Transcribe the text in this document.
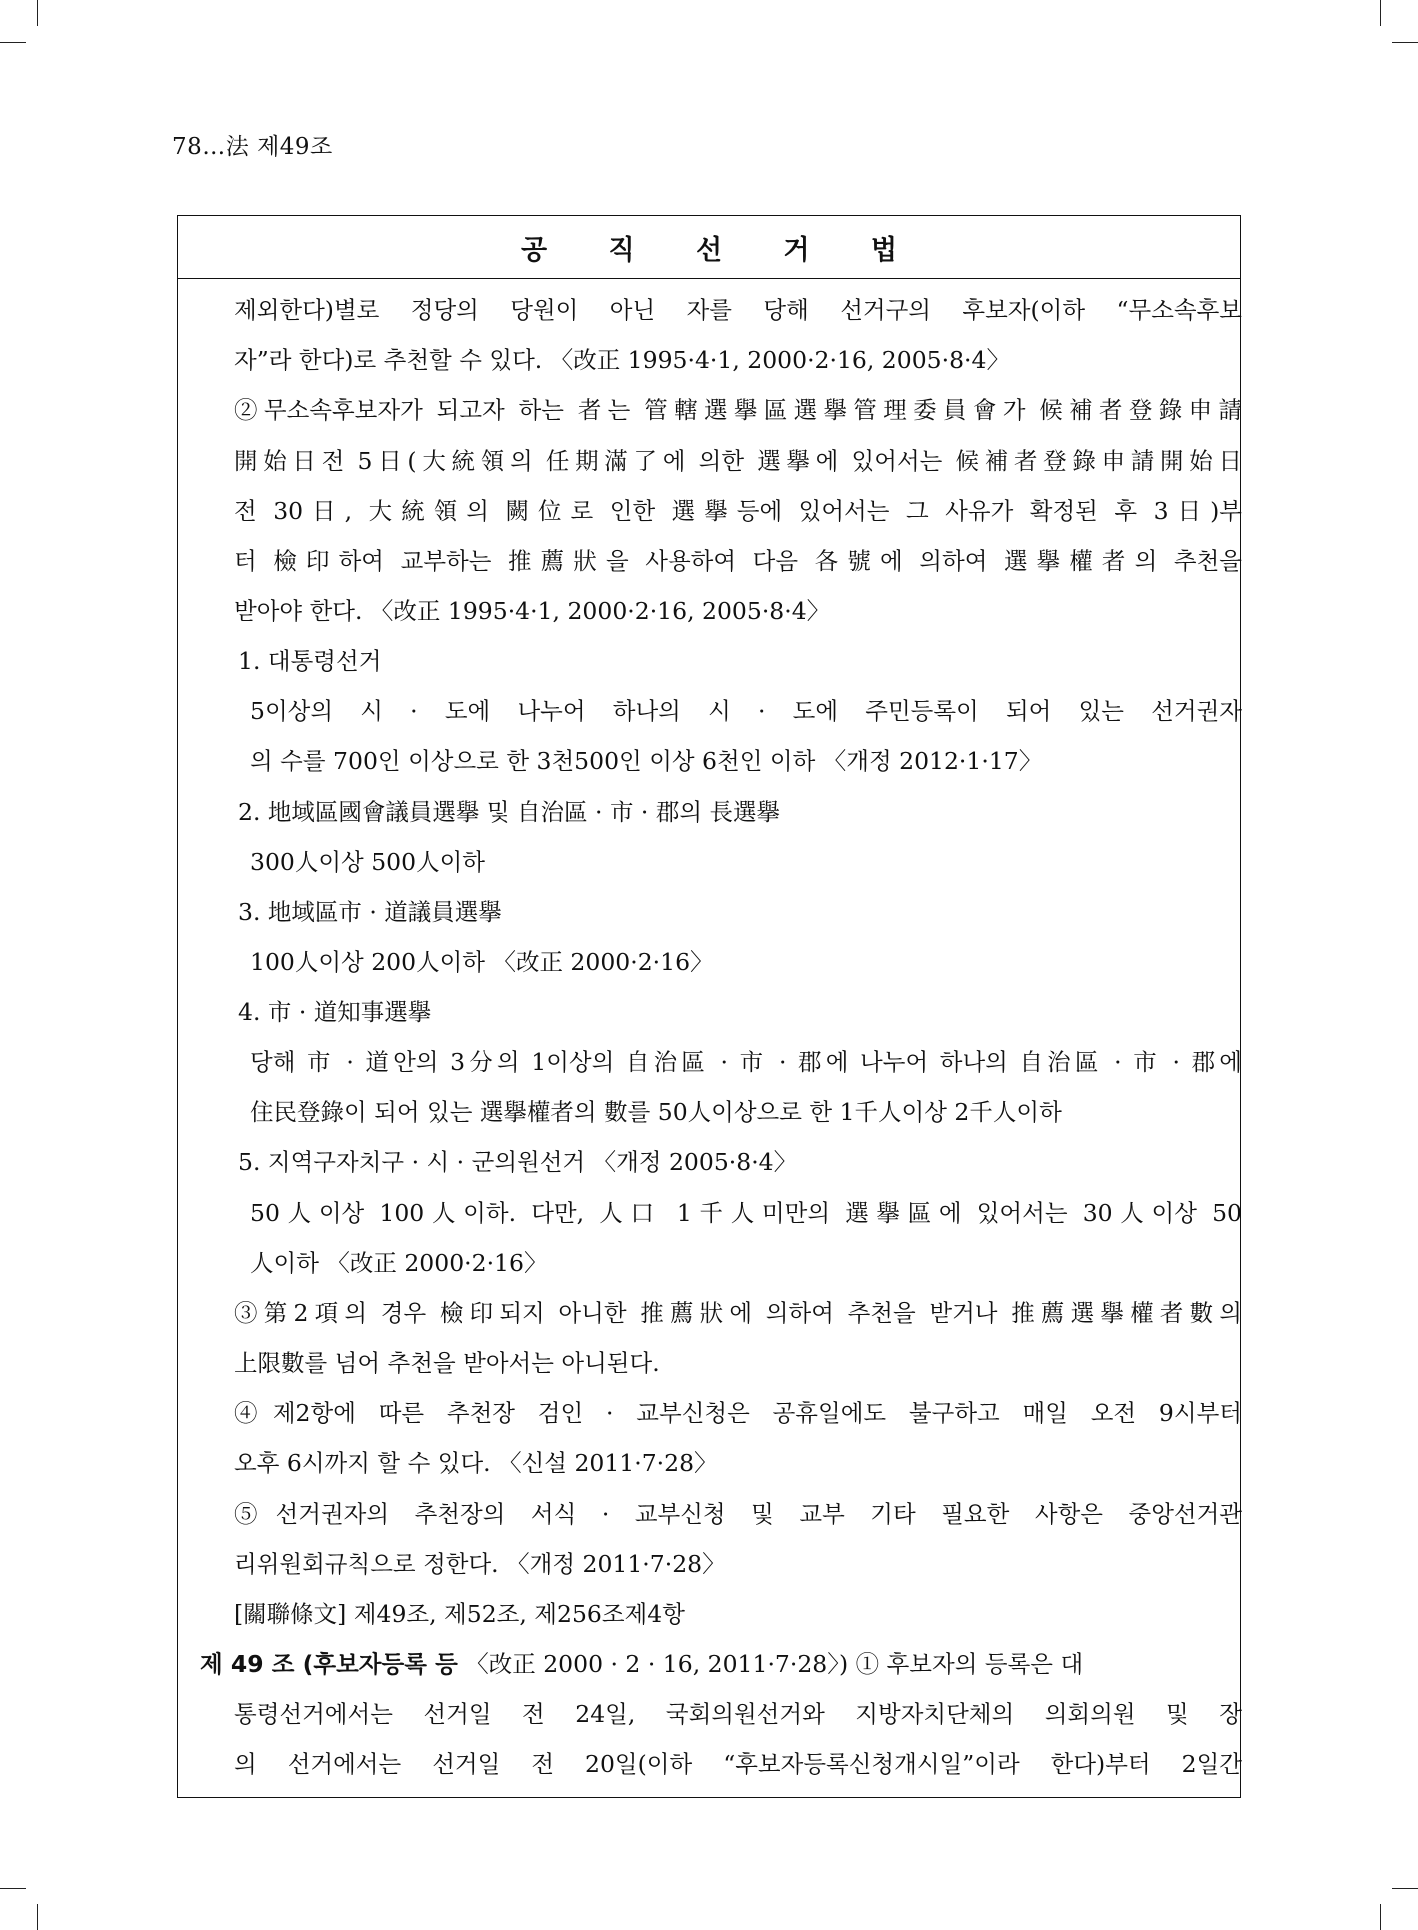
78…法 제49조
공 직 선 거 법
제외한다)별로 정당의 당원이 아닌 자를 당해 선거구의 후보자(이하 “무소속후보
자”라 한다)로 추천할 수 있다. 〈改正 1995·4·1, 2000·2·16, 2005·8·4〉
②무소속후보자가 되고자 하는 者는 管轄選擧區選擧管理委員會가 候補者登錄申請
開始日전 5日(大統領의 任期滿了에 의한 選擧에 있어서는 候補者登錄申請開始日
전 30日, 大統領의 闕位로 인한 選擧등에 있어서는 그 사유가 확정된 후 3日)부
터 檢印하여 교부하는 推薦狀을 사용하여 다음 各號에 의하여 選擧權者의 추천을
받아야 한다. 〈改正 1995·4·1, 2000·2·16, 2005·8·4〉
1. 대통령선거
5이상의 시 · 도에 나누어 하나의 시 · 도에 주민등록이 되어 있는 선거권자
의 수를 700인 이상으로 한 3천500인 이상 6천인 이하 〈개정 2012·1·17〉
2. 地域區國會議員選擧 및 自治區 · 市 · 郡의 長選擧
300人이상 500人이하
3. 地域區市 · 道議員選擧
100人이상 200人이하 〈改正 2000·2·16〉
4. 市 · 道知事選擧
당해 市 · 道안의 3分의 1이상의 自治區 · 市 · 郡에 나누어 하나의 自治區 · 市 · 郡에
住民登錄이 되어 있는 選擧權者의 數를 50人이상으로 한 1千人이상 2千人이하
5. 지역구자치구 · 시 · 군의원선거 〈개정 2005·8·4〉
50人이상 100人이하. 다만, 人口 1千人미만의 選擧區에 있어서는 30人이상 50
人이하 〈改正 2000·2·16〉
③第2項의 경우 檢印되지 아니한 推薦狀에 의하여 추천을 받거나 推薦選擧權者數의
上限數를 넘어 추천을 받아서는 아니된다.
④제2항에 따른 추천장 검인 · 교부신청은 공휴일에도 불구하고 매일 오전 9시부터
오후 6시까지 할 수 있다. 〈신설 2011·7·28〉
⑤선거권자의 추천장의 서식 · 교부신청 및 교부 기타 필요한 사항은 중앙선거관
리위원회규칙으로 정한다. 〈개정 2011·7·28〉
[關聯條文] 제49조, 제52조, 제256조제4항
제 49 조 (후보자등록 등 〈改正 2000 · 2 · 16, 2011·7·28〉) ① 후보자의 등록은 대
통령선거에서는 선거일 전 24일, 국회의원선거와 지방자치단체의 의회의원 및 장
의 선거에서는 선거일 전 20일(이하 “후보자등록신청개시일”이라 한다)부터 2일간
